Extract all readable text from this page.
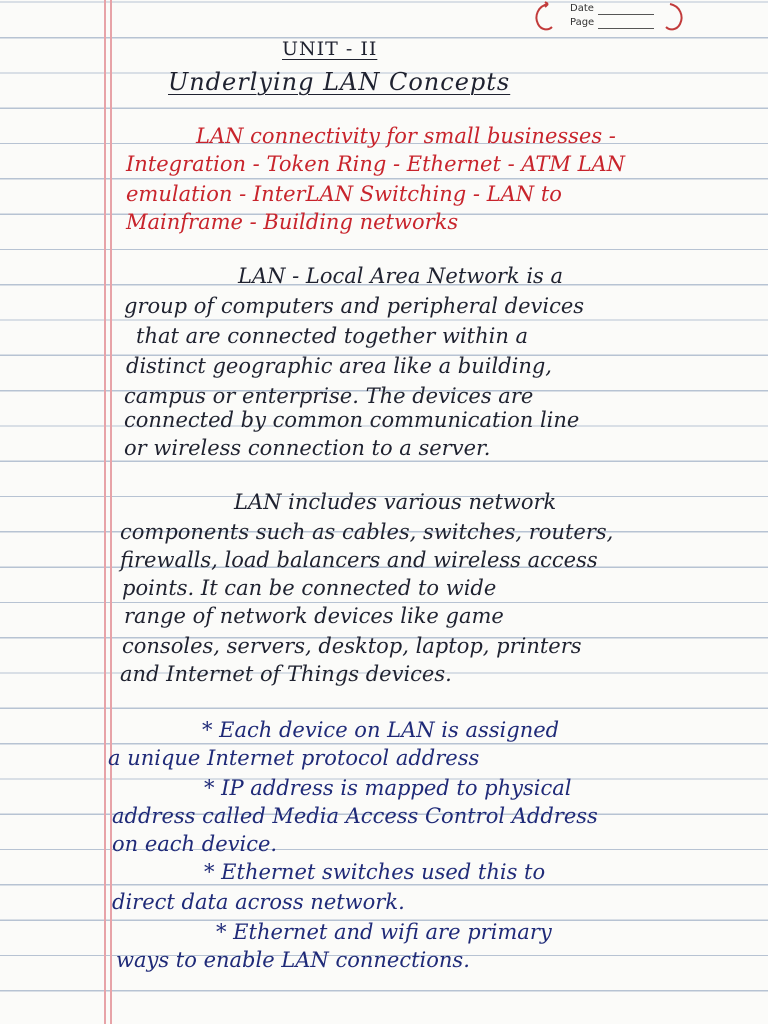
Date
Page
UNIT - II
Underlying LAN Concepts
LAN connectivity for small businesses -
Integration - Token Ring - Ethernet - ATM LAN
emulation - InterLAN Switching - LAN to
Mainframe - Building networks
LAN - Local Area Network is a
group of computers and peripheral devices
that are connected together within a
distinct geographic area like a building,
campus or enterprise. The devices are
connected by common communication line
or wireless connection to a server.
LAN includes various network
components such as cables, switches, routers,
firewalls, load balancers and wireless access
points. It can be connected to wide
range of network devices like game
consoles, servers, desktop, laptop, printers
and Internet of Things devices.
* Each device on LAN is assigned
a unique Internet protocol address
* IP address is mapped to physical
address called Media Access Control Address
on each device.
* Ethernet switches used this to
direct data across network.
* Ethernet and wifi are primary
ways to enable LAN connections.
